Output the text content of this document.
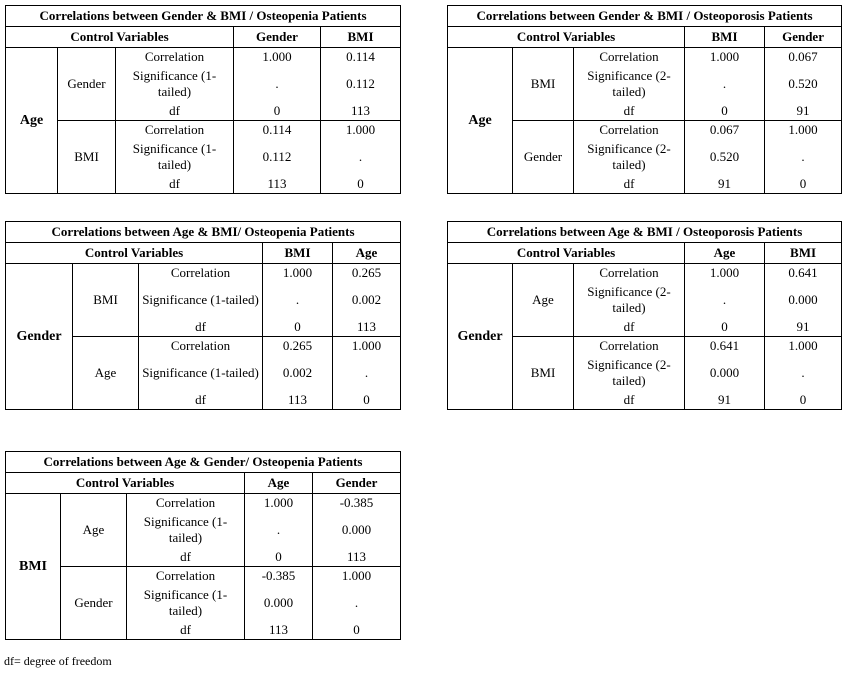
Correlations between Gender & BMI / Osteopenia Patients				
Control Variables			Gender	BMI
Age	Gender	Correlation	1.000	0.114
		Significance (1-tailed)	.	0.112
		df	0	113
	BMI	Correlation	0.114	1.000
		Significance (1-tailed)	0.112	.
		df	113	0
Correlations between Gender & BMI / Osteoporosis Patients				
Control Variables			BMI	Gender
Age	BMI	Correlation	1.000	0.067
		Significance (2-tailed)	.	0.520
		df	0	91
	Gender	Correlation	0.067	1.000
		Significance (2-tailed)	0.520	.
		df	91	0
Correlations between Age & BMI/ Osteopenia Patients				
Control Variables			BMI	Age
Gender	BMI	Correlation	1.000	0.265
		Significance (1-tailed)	.	0.002
		df	0	113
	Age	Correlation	0.265	1.000
		Significance (1-tailed)	0.002	.
		df	113	0
Correlations between Age & BMI / Osteoporosis Patients				
Control Variables			Age	BMI
Gender	Age	Correlation	1.000	0.641
		Significance (2-tailed)	.	0.000
		df	0	91
	BMI	Correlation	0.641	1.000
		Significance (2-tailed)	0.000	.
		df	91	0
Correlations between Age & Gender/ Osteopenia Patients				
Control Variables			Age	Gender
BMI	Age	Correlation	1.000	-0.385
		Significance (1-tailed)	.	0.000
		df	0	113
	Gender	Correlation	-0.385	1.000
		Significance (1-tailed)	0.000	.
		df	113	0
df= degree of freedom
